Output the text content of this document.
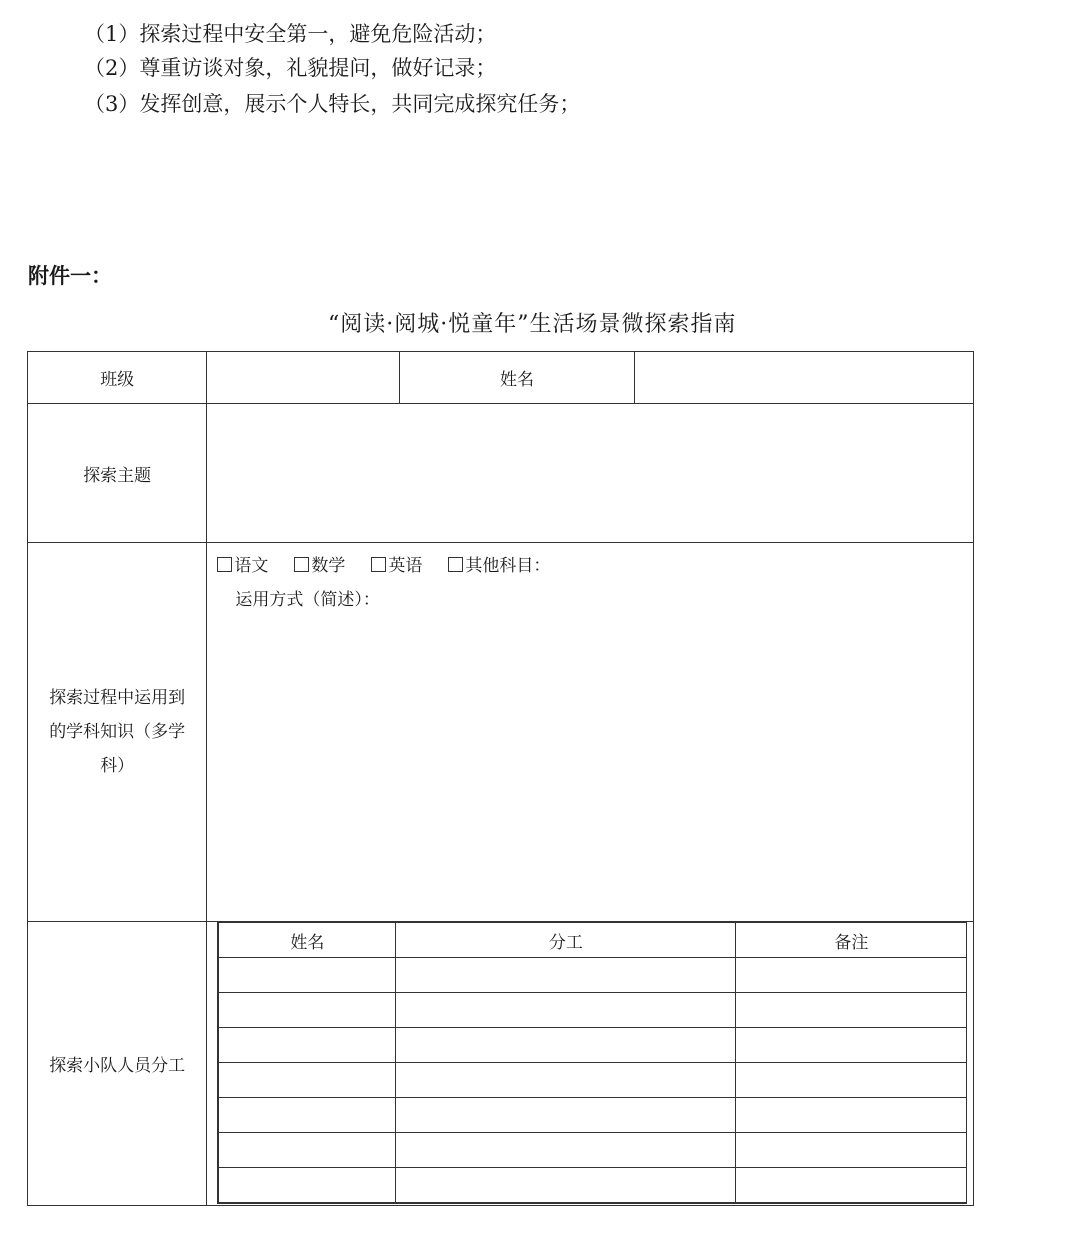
（1）探索过程中安全第一，避免危险活动；
（2）尊重访谈对象，礼貌提问，做好记录；
（3）发挥创意，展示个人特长，共同完成探究任务；
附件一：
“阅读·阅城·悦童年”生活场景微探索指南
班级		姓名	
探索主题	

探索过程中运用到
的学科知识（多学
科）

语文	数学	英语	其他科目：
运用方式（简述）：

探索小队人员分工	
姓名	分工	备注
